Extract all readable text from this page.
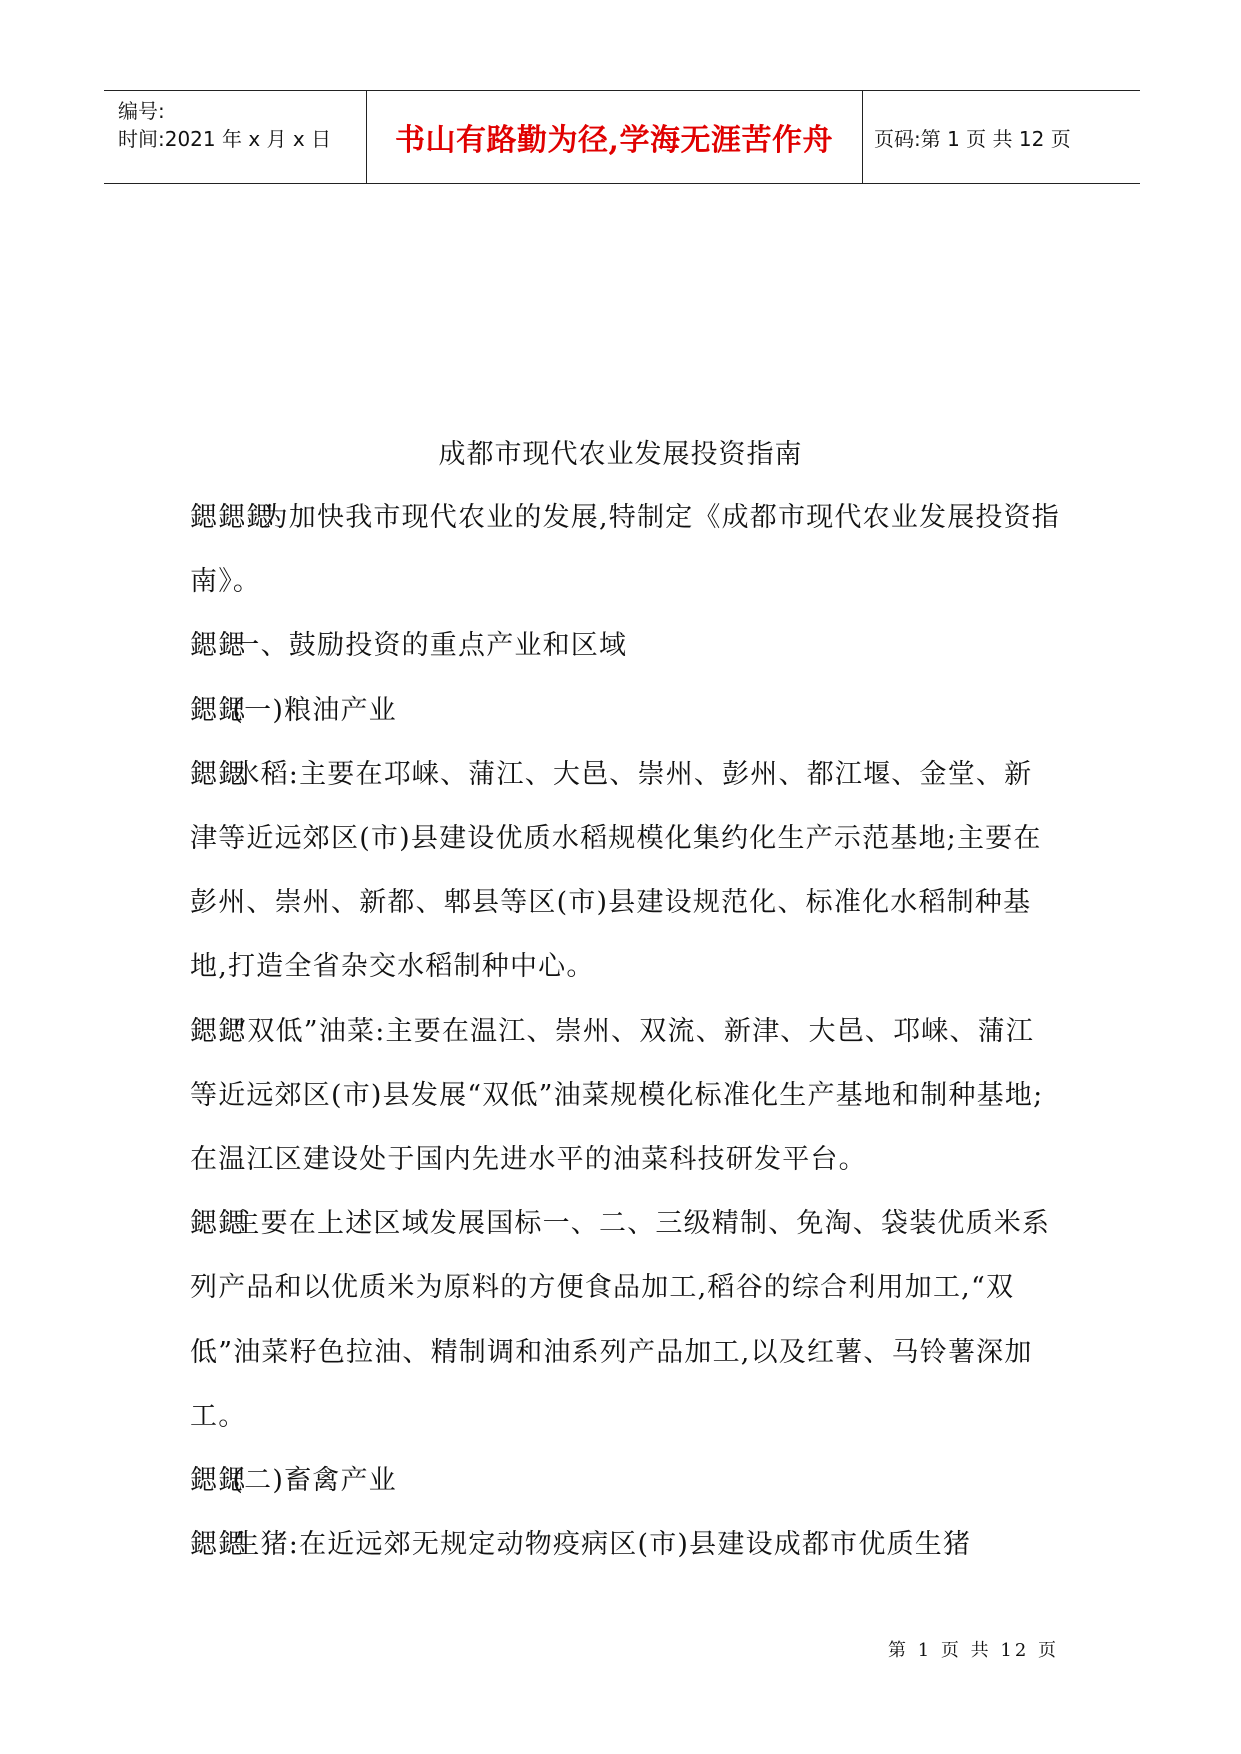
编号:
时间:2021 年 x 月 x 日 书山有路勤为径,学海无涯苦作舟	页码:第 1 页 共 12 页
成都市现代农业发展投资指南

鍶鍶鍶为加快我市现代农业的发展,特制定《成都市现代农业发展投资指南》。

鍶鍶一、鼓励投资的重点产业和区域

鍶鍶(一)粮油产业

鍶鍶水稻:主要在邛崃、蒲江、大邑、崇州、彭州、都江堰、金堂、新津等近远郊区(市)县建设优质水稻规模化集约化生产示范基地;主要在彭州、崇州、新都、郫县等区(市)县建设规范化、标准化水稻制种基地,打造全省杂交水稻制种中心。

鍶鍶“双低”油菜:主要在温江、崇州、双流、新津、大邑、邛崃、蒲江等近远郊区(市)县发展“双低”油菜规模化标准化生产基地和制种基地;在温江区建设处于国内先进水平的油菜科技研发平台。

鍶鍶主要在上述区域发展国标一、二、三级精制、免淘、袋装优质米系列产品和以优质米为原料的方便食品加工,稻谷的综合利用加工,“双低”油菜籽色拉油、精制调和油系列产品加工,以及红薯、马铃薯深加工。

鍶鍶(二)畜禽产业

鍶鍶生猪:在近远郊无规定动物疫病区(市)县建设成都市优质生猪

第 1 页 共 12 页
